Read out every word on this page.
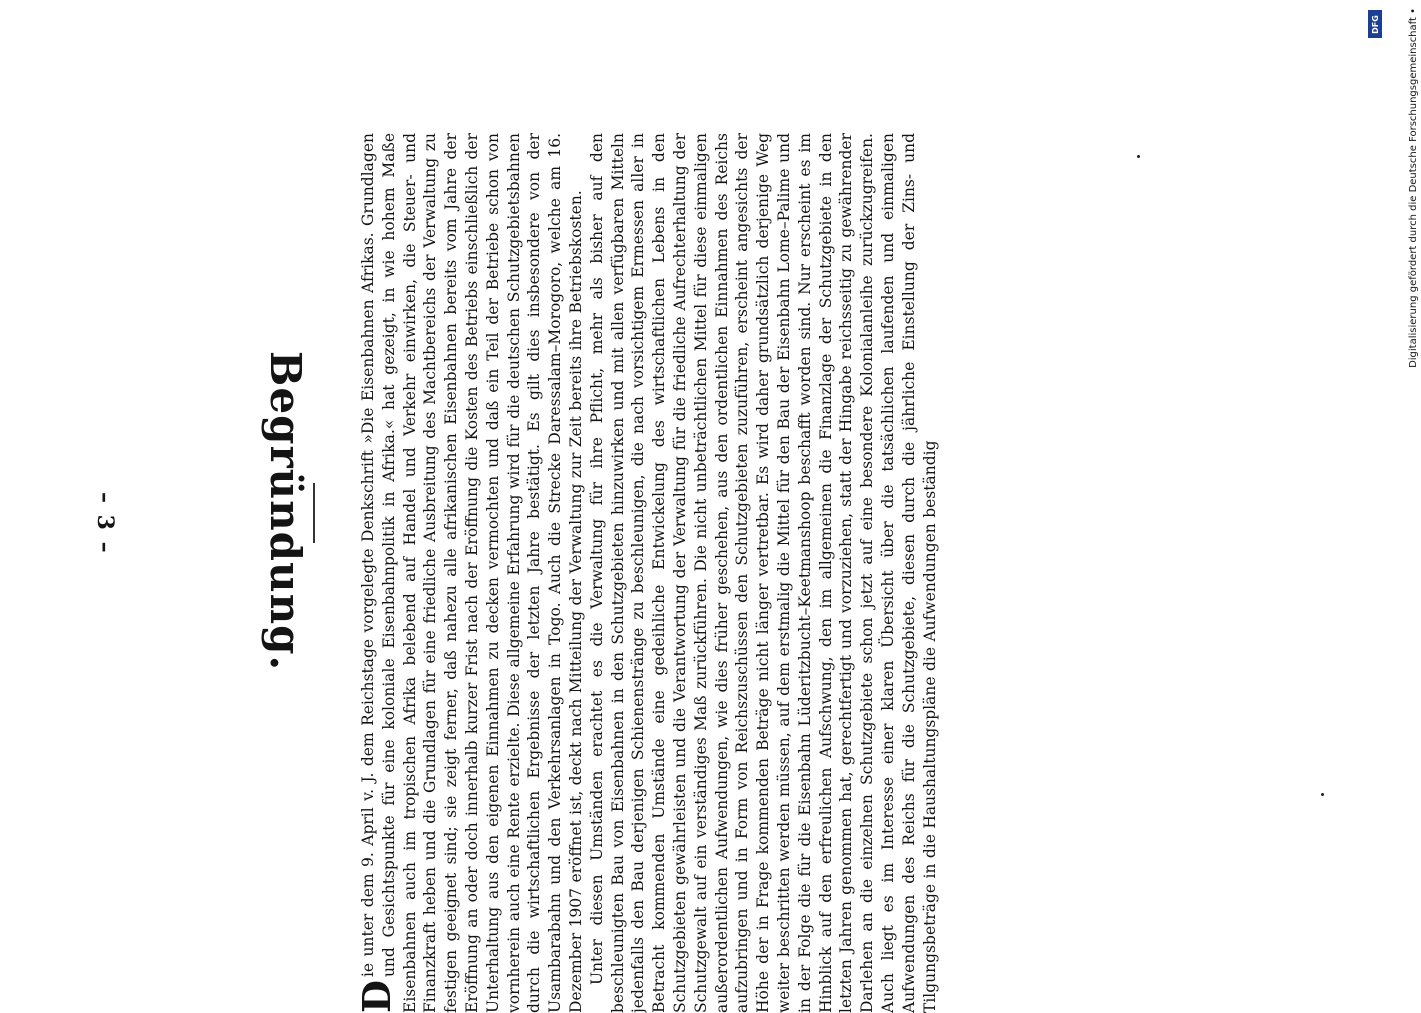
– 3 –	Begründung.

D
ie unter dem 9. April v. J. dem Reichstage vorgelegte Denkschrift »Die Eisenbahnen Afrikas. Grundlagen und Gesichtspunkte für eine koloniale Eisenbahnpolitik in Afrika.« hat gezeigt, in wie hohem Maße Eisenbahnen auch im tropischen Afrika belebend auf Handel und Verkehr einwirken, die Steuer- und Finanzkraft heben und die Grundlagen für eine friedliche Ausbreitung des Machtbereichs der Verwaltung zu festigen geeignet sind; sie zeigt ferner, daß nahezu alle afrikanischen Eisenbahnen bereits vom Jahre der Eröffnung an oder doch innerhalb kurzer Frist nach der Eröffnung die Kosten des Betriebs einschließlich der Unterhaltung aus den eigenen Einnahmen zu decken vermochten und daß ein Teil der Betriebe schon von vornherein auch eine Rente erzielte. Diese allgemeine Erfahrung wird für die deutschen Schutzgebietsbahnen durch die wirtschaftlichen Ergebnisse der letzten Jahre bestätigt. Es gilt dies insbesondere von der Usambarabahn und den Verkehrsanlagen in Togo. Auch die Strecke Daressalam–Morogoro, welche am 16. Dezember 1907 eröffnet ist, deckt nach Mitteilung der Verwaltung zur Zeit bereits ihre Betriebskosten. Unter diesen Umständen erachtet es die Verwaltung für ihre Pflicht, mehr als bisher auf den beschleunigten Bau von Eisenbahnen in den Schutzgebieten hinzuwirken und mit allen verfügbaren Mitteln jedenfalls den Bau derjenigen Schienenstränge zu beschleunigen, die nach vorsichtigem Ermessen aller in Betracht kommenden Umstände eine gedeihliche Entwickelung des wirtschaftlichen Lebens in den Schutzgebieten gewährleisten und die Verantwortung der Verwaltung für die friedliche Aufrechterhaltung der Schutzgewalt auf ein verständiges Maß zurückführen. Die nicht unbeträchtlichen Mittel für diese einmaligen außerordentlichen Aufwendungen, wie dies früher geschehen, aus den ordentlichen Einnahmen des Reichs aufzubringen und in Form von Reichszuschüssen den Schutzgebieten zuzuführen, erscheint angesichts der Höhe der in Frage kommenden Beträge nicht länger vertretbar. Es wird daher grundsätzlich derjenige Weg weiter beschritten werden müssen, auf dem erstmalig die Mittel für den Bau der Eisenbahn Lome–Palime und in der Folge die für die Eisenbahn Lüderitzbucht–Keetmanshoop beschafft worden sind. Nur erscheint es im Hinblick auf den erfreulichen Aufschwung, den im allgemeinen die Finanzlage der Schutzgebiete in den letzten Jahren genommen hat, gerechtfertigt und vorzuziehen, statt der Hingabe reichsseitig zu gewährender Darlehen an die einzelnen Schutzgebiete schon jetzt auf eine besondere Kolonialanleihe zurückzugreifen. Auch liegt es im Interesse einer klaren Übersicht über die tatsächlichen laufenden und einmaligen Aufwendungen des Reichs für die Schutzgebiete, diesen durch die jährliche Einstellung der Zins- und Tilgungsbeträge in die Haushaltungspläne die Aufwendungen beständig

DFG	Digitalisierung gefördert durch die Deutsche Forschungsgemeinschaft •
